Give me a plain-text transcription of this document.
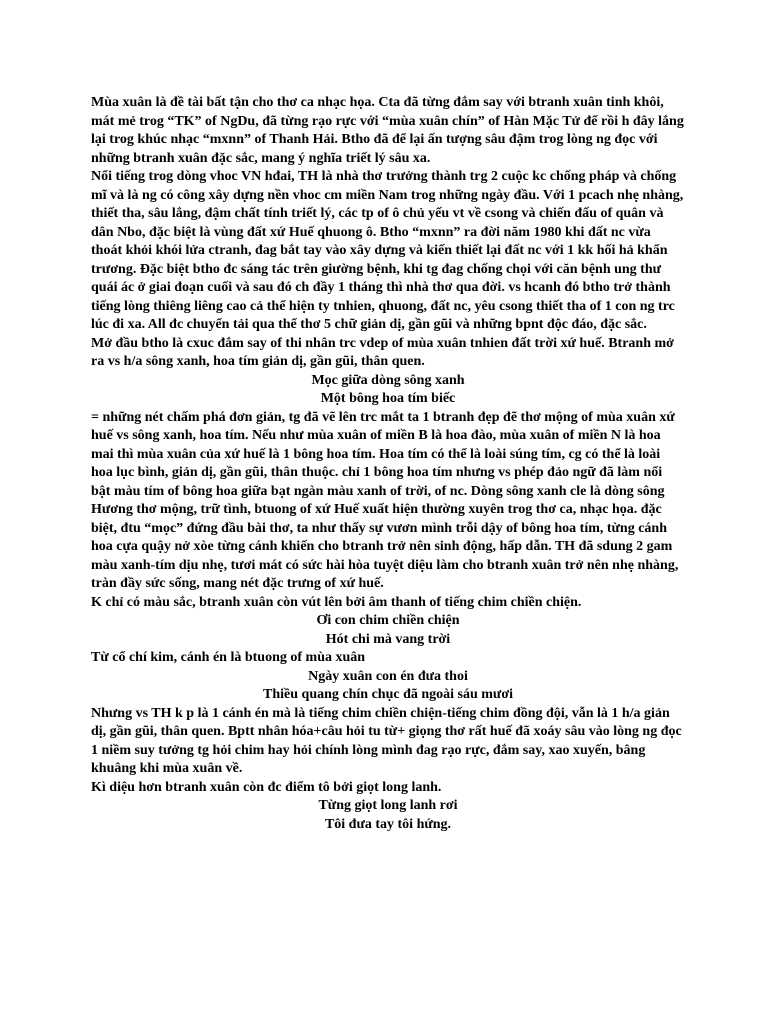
Mùa xuân là đề tài bất tận cho thơ ca nhạc họa. Cta đã từng đắm say với btranh xuân tinh khôi, mát mẻ trog “TK” of NgDu, đã từng rạo rực với “mùa xuân chín” of Hàn Mặc Tử để rồi h đây lắng lại trog khúc nhạc “mxnn” of Thanh Hải. Btho đã để lại ấn tượng sâu đậm trog lòng ng đọc với những btranh xuân đặc sắc, mang ý nghĩa triết lý sâu xa.

Nổi tiếng trog dòng vhoc VN hđai, TH là nhà thơ trưởng thành trg 2 cuộc kc chống pháp và chống mĩ và là ng có công xây dựng nền vhoc cm miền Nam trog những ngày đầu. Với 1 pcach nhẹ nhàng, thiết tha, sâu lắng, đậm chất tính triết lý, các tp of ô chủ yếu vt về csong và chiến đấu of quân và dân Nbo, đặc biệt là vùng đất xứ Huế qhuong ô. Btho “mxnn” ra đời năm 1980 khi đất nc vừa thoát khỏi khói lửa ctranh, đag bắt tay vào xây dựng và kiến thiết lại đất nc với 1 kk hối hả khẩn trương. Đặc biệt btho đc sáng tác trên giường bệnh, khi tg đag chống chọi với căn bệnh ung thư quái ác ở giai đoạn cuối và sau đó ch đầy 1 tháng thì nhà thơ qua đời. vs hcanh đó btho trở thành tiếng lòng thiêng liêng cao cả thể hiện ty tnhien, qhuong, đất nc, yêu csong thiết tha of 1 con ng trc lúc đi xa. All đc chuyển tải qua thể thơ 5 chữ giản dị, gần gũi và những bpnt độc đáo, đặc sắc.

Mở đầu btho là cxuc đắm say of thi nhân trc vdep of mùa xuân tnhien đất trời xứ huế. Btranh mở ra vs h/a sông xanh, hoa tím giản dị, gần gũi, thân quen.

Mọc giữa dòng sông xanh

Một bông hoa tím biếc

= những nét chấm phá đơn giản, tg đã vẽ lên trc mắt ta 1 btranh đẹp đẽ thơ mộng of mùa xuân xứ huế vs sông xanh, hoa tím. Nếu như mùa xuân of miền B là hoa đào, mùa xuân of miền N là hoa mai thì mùa xuân của xứ huế là 1 bông hoa tím. Hoa tím có thể là loài súng tím, cg có thể là loài hoa lục bình, giản dị, gần gũi, thân thuộc. chỉ 1 bông hoa tím nhưng vs phép đảo ngữ đã làm nổi bật màu tím of bông hoa giữa bạt ngàn màu xanh of trời, of nc. Dòng sông xanh cle là dòng sông Hương thơ mộng, trữ tình, btuong of xứ Huế xuất hiện thường xuyên trog thơ ca, nhạc họa. đặc biệt, đtu “mọc” đứng đầu bài thơ, ta như thấy sự vươn mình trỗi dậy of bông hoa tím, từng cánh hoa cựa quậy nở xòe từng cánh khiến cho btranh trở nên sinh động, hấp dẫn. TH đã sdung 2 gam màu xanh-tím dịu nhẹ, tươi mát có sức hài hòa tuyệt diệu làm cho btranh xuân trở nên nhẹ nhàng, tràn đầy sức sống, mang nét đặc trưng of xứ huế.

K chỉ có màu sắc, btranh xuân còn vút lên bởi âm thanh of tiếng chim chiền chiện.

Ơi con chim chiền chiện

Hót chi mà vang trời

Từ cổ chí kim, cánh én là btuong of mùa xuân

Ngày xuân con én đưa thoi

Thiều quang chín chục đã ngoài sáu mươi

Nhưng vs TH k p là 1 cánh én mà là tiếng chim chiền chiện-tiếng chim đồng đội, vẫn là 1 h/a giản dị, gần gũi, thân quen. Bptt nhân hóa+câu hỏi tu từ+ giọng thơ rất huế đã xoáy sâu vào lòng ng đọc 1 niềm suy tưởng tg hỏi chim hay hỏi chính lòng mình đag rạo rực, đắm say, xao xuyến, bâng khuâng khi mùa xuân về.

Kì diệu hơn btranh xuân còn đc điểm tô bởi giọt long lanh.

Từng giọt long lanh rơi

Tôi đưa tay tôi hứng.
